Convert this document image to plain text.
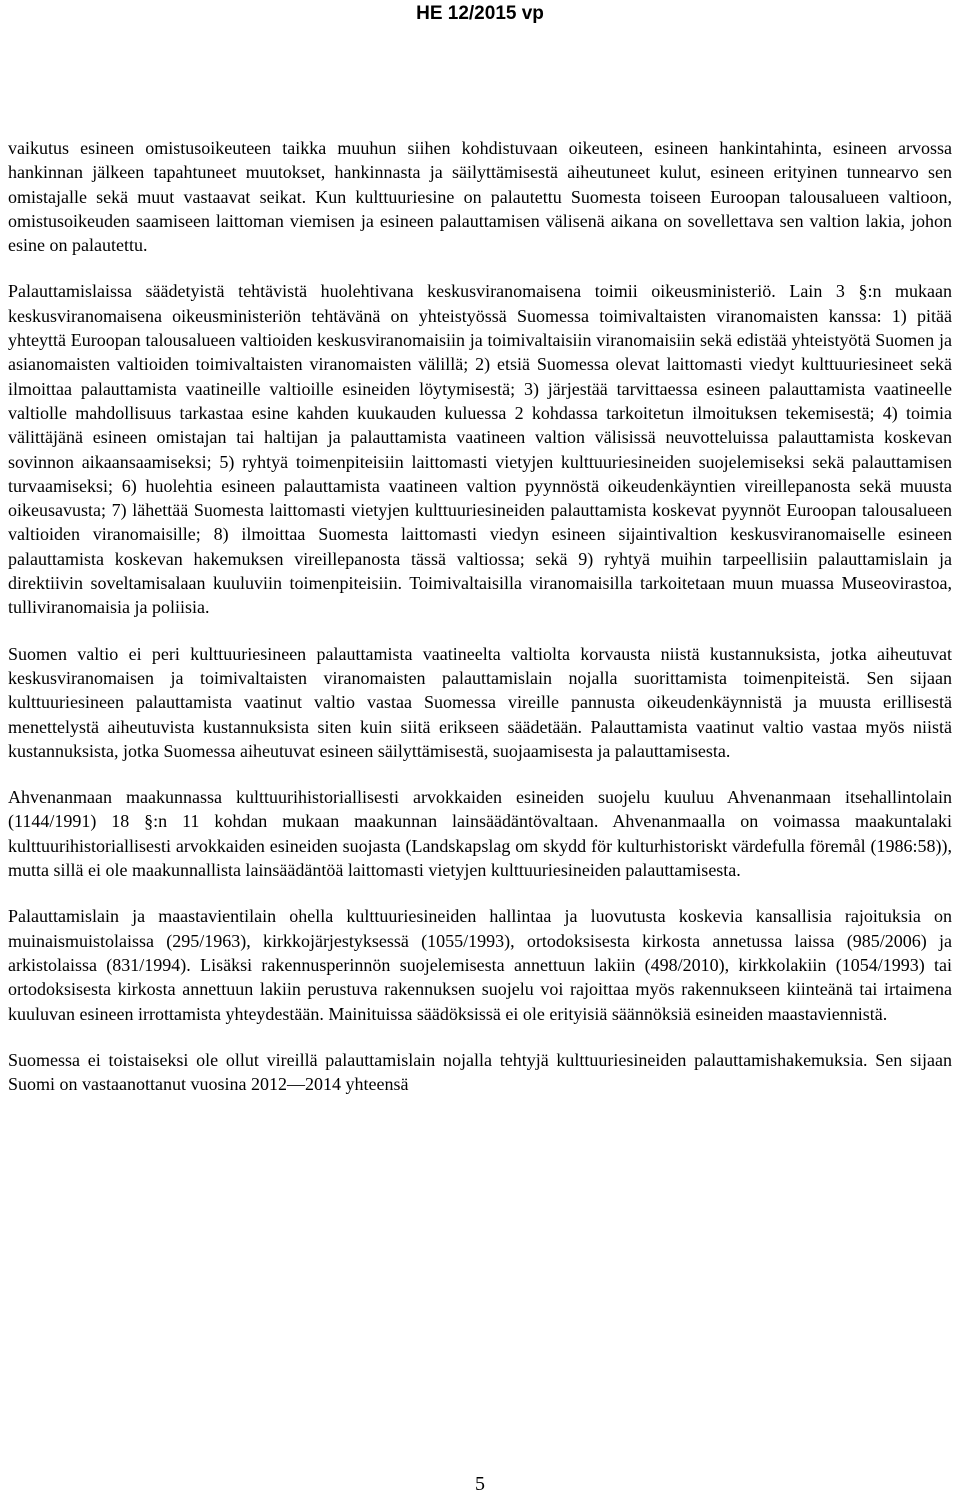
HE 12/2015 vp

vaikutus esineen omistusoikeuteen taikka muuhun siihen kohdistuvaan oikeuteen, esineen hankintahinta, esineen arvossa hankinnan jälkeen tapahtuneet muutokset, hankinnasta ja säilyttämisestä aiheutuneet kulut, esineen erityinen tunnearvo sen omistajalle sekä muut vastaavat seikat. Kun kulttuuriesine on palautettu Suomesta toiseen Euroopan talousalueen valtioon, omistusoikeuden saamiseen laittoman viemisen ja esineen palauttamisen välisenä aikana on sovellettava sen valtion lakia, johon esine on palautettu.

Palauttamislaissa säädetyistä tehtävistä huolehtivana keskusviranomaisena toimii oikeusministeriö. Lain 3 §:n mukaan keskusviranomaisena oikeusministeriön tehtävänä on yhteistyössä Suomessa toimivaltaisten viranomaisten kanssa: 1) pitää yhteyttä Euroopan talousalueen valtioiden keskusviranomaisiin ja toimivaltaisiin viranomaisiin sekä edistää yhteistyötä Suomen ja asianomaisten valtioiden toimivaltaisten viranomaisten välillä; 2) etsiä Suomessa olevat laittomasti viedyt kulttuuriesineet sekä ilmoittaa palauttamista vaatineille valtioille esineiden löytymisestä; 3) järjestää tarvittaessa esineen palauttamista vaatineelle valtiolle mahdollisuus tarkastaa esine kahden kuukauden kuluessa 2 kohdassa tarkoitetun ilmoituksen tekemisestä; 4) toimia välittäjänä esineen omistajan tai haltijan ja palauttamista vaatineen valtion välisissä neuvotteluissa palauttamista koskevan sovinnon aikaansaamiseksi; 5) ryhtyä toimenpiteisiin laittomasti vietyjen kulttuuriesineiden suojelemiseksi sekä palauttamisen turvaamiseksi; 6) huolehtia esineen palauttamista vaatineen valtion pyynnöstä oikeudenkäyntien vireillepanosta sekä muusta oikeusavusta; 7) lähettää Suomesta laittomasti vietyjen kulttuuriesineiden palauttamista koskevat pyynnöt Euroopan talousalueen valtioiden viranomaisille; 8) ilmoittaa Suomesta laittomasti viedyn esineen sijaintivaltion keskusviranomaiselle esineen palauttamista koskevan hakemuksen vireillepanosta tässä valtiossa; sekä 9) ryhtyä muihin tarpeellisiin palauttamislain ja direktiivin soveltamisalaan kuuluviin toimenpiteisiin. Toimivaltaisilla viranomaisilla tarkoitetaan muun muassa Museovirastoa, tulliviranomaisia ja poliisia.

Suomen valtio ei peri kulttuuriesineen palauttamista vaatineelta valtiolta korvausta niistä kustannuksista, jotka aiheutuvat keskusviranomaisen ja toimivaltaisten viranomaisten palauttamislain nojalla suorittamista toimenpiteistä. Sen sijaan kulttuuriesineen palauttamista vaatinut valtio vastaa Suomessa vireille pannusta oikeudenkäynnistä ja muusta erillisestä menettelystä aiheutuvista kustannuksista siten kuin siitä erikseen säädetään. Palauttamista vaatinut valtio vastaa myös niistä kustannuksista, jotka Suomessa aiheutuvat esineen säilyttämisestä, suojaamisesta ja palauttamisesta.

Ahvenanmaan maakunnassa kulttuurihistoriallisesti arvokkaiden esineiden suojelu kuuluu Ahvenanmaan itsehallintolain (1144/1991) 18 §:n 11 kohdan mukaan maakunnan lainsäädäntövaltaan. Ahvenanmaalla on voimassa maakuntalaki kulttuurihistoriallisesti arvokkaiden esineiden suojasta (Landskapslag om skydd för kulturhistoriskt värdefulla föremål (1986:58)), mutta sillä ei ole maakunnallista lainsäädäntöä laittomasti vietyjen kulttuuriesineiden palauttamisesta.

Palauttamislain ja maastavientilain ohella kulttuuriesineiden hallintaa ja luovutusta koskevia kansallisia rajoituksia on muinaismuistolaissa (295/1963), kirkkojärjestyksessä (1055/1993), ortodoksisesta kirkosta annetussa laissa (985/2006) ja arkistolaissa (831/1994). Lisäksi rakennusperinnön suojelemisesta annettuun lakiin (498/2010), kirkkolakiin (1054/1993) tai ortodoksisesta kirkosta annettuun lakiin perustuva rakennuksen suojelu voi rajoittaa myös rakennukseen kiinteänä tai irtaimena kuuluvan esineen irrottamista yhteydestään. Mainituissa säädöksissä ei ole erityisiä säännöksiä esineiden maastaviennistä.

Suomessa ei toistaiseksi ole ollut vireillä palauttamislain nojalla tehtyjä kulttuuriesineiden palauttamishakemuksia. Sen sijaan Suomi on vastaanottanut vuosina 2012—2014 yhteensä

5
